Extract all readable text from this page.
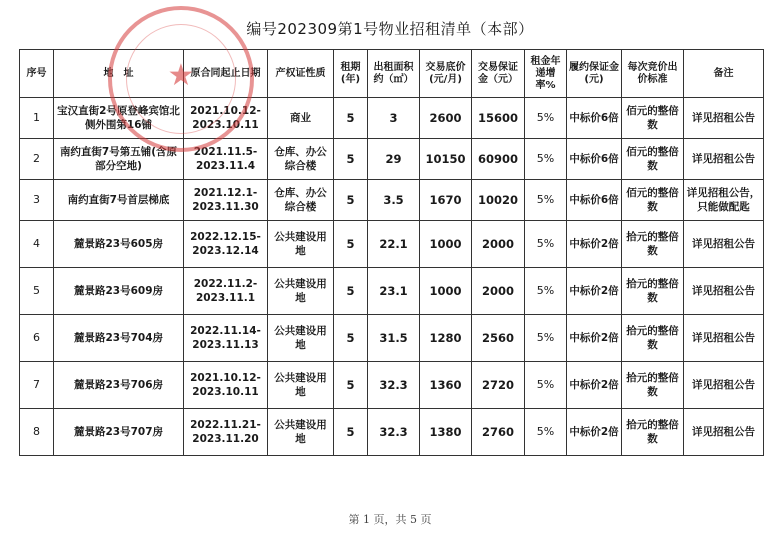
编号202309第1号物业招租清单（本部）
★
序号	地　址	原合同起止日期	产权证性质	租期(年)	出租面积约（㎡）	交易底价(元/月)	交易保证金（元）	租金年递增率%	履约保证金(元)	每次竞价出价标准	备注
1	宝汉直街2号原登峰宾馆北侧外围第16铺	2021.10.12-2023.10.11	商业	5	3	2600	15600	5%	中标价6倍	佰元的整倍数	详见招租公告
2	南约直街7号第五铺(含原部分空地)	2021.11.5-2023.11.4	仓库、办公综合楼	5	29	10150	60900	5%	中标价6倍	佰元的整倍数	详见招租公告
3	南约直街7号首层梯底	2021.12.1-2023.11.30	仓库、办公综合楼	5	3.5	1670	10020	5%	中标价6倍	佰元的整倍数	详见招租公告，只能做配匙
4	麓景路23号605房	2022.12.15-2023.12.14	公共建设用地	5	22.1	1000	2000	5%	中标价2倍	拾元的整倍数	详见招租公告
5	麓景路23号609房	2022.11.2-2023.11.1	公共建设用地	5	23.1	1000	2000	5%	中标价2倍	拾元的整倍数	详见招租公告
6	麓景路23号704房	2022.11.14-2023.11.13	公共建设用地	5	31.5	1280	2560	5%	中标价2倍	拾元的整倍数	详见招租公告
7	麓景路23号706房	2021.10.12-2023.10.11	公共建设用地	5	32.3	1360	2720	5%	中标价2倍	拾元的整倍数	详见招租公告
8	麓景路23号707房	2022.11.21-2023.11.20	公共建设用地	5	32.3	1380	2760	5%	中标价2倍	拾元的整倍数	详见招租公告
第 1 页，共 5 页
